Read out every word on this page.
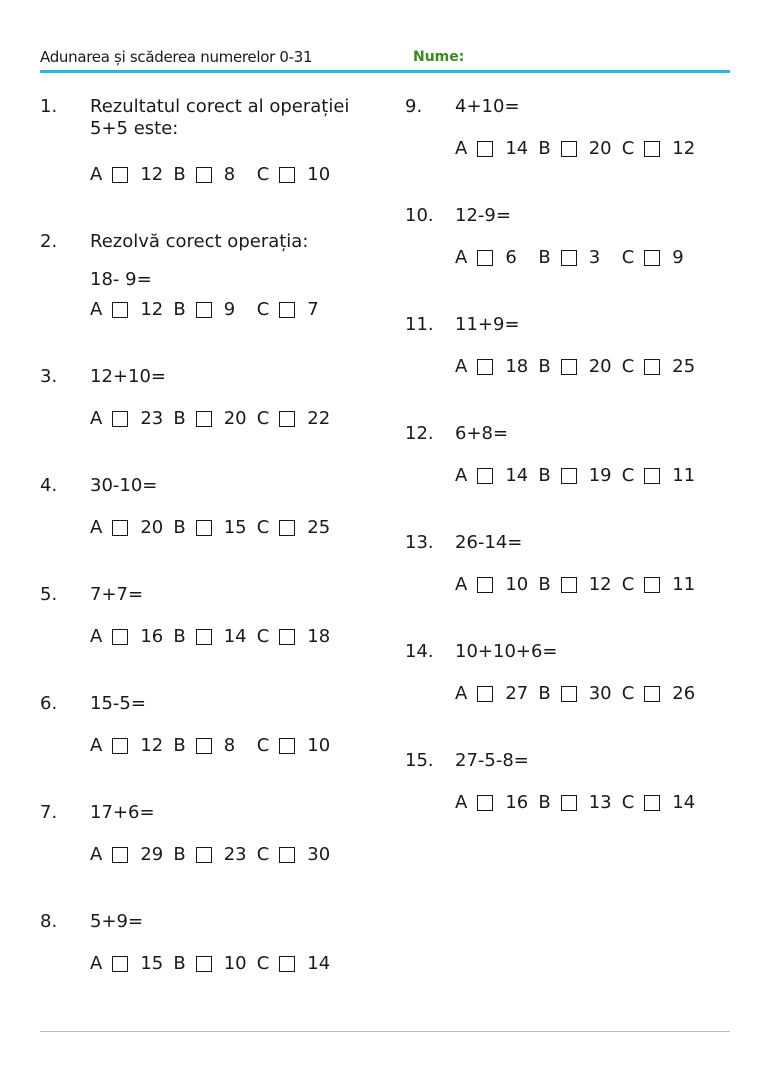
Adunarea și scăderea numerelor 0-31	Nume:
1. Rezultatul corect al operației
5+5 este:
A 12 B 8	C 10
2. Rezolvă corect operația:
18- 9=
A 12 B 9	C 7
3. 12+10=
A 23 B 20 C 22
4. 30-10=
A 20 B 15 C 25
5. 7+7=
A 16 B 14 C 18
6. 15-5=
A 12 B 8	C 10
7. 17+6=
A 29 B 23 C 30
8. 5+9=
A 15 B 10 C 14
9. 4+10=
A 14 B 20 C 12
10. 12-9=
A 6	B 3	C 9
11. 11+9=
A 18 B 20 C 25
12. 6+8=
A 14 B 19 C 11
13. 26-14=
A 10 B 12 C 11
14. 10+10+6=
A 27 B 30 C 26
15. 27-5-8=
A 16 B 13 C 14
